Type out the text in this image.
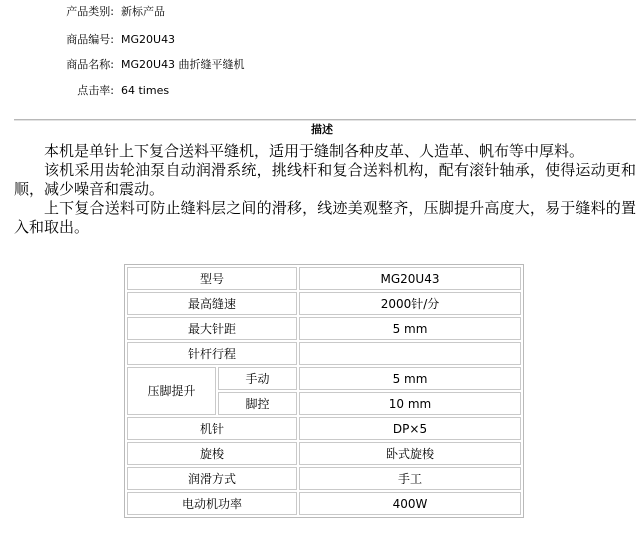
产品类别: 新标产品
商品编号: MG20U43
商品名称: MG20U43 曲折缝平缝机
点击率: 64 times
描述

本机是单针上下复合送料平缝机，适用于缝制各种皮革、人造革、帆布等中厚料。

该机采用齿轮油泵自动润滑系统，挑线杆和复合送料机构，配有滚针轴承，使得运动更和顺，减少噪音和震动。

上下复合送料可防止缝料层之间的滑移，线迹美观整齐，压脚提升高度大，易于缝料的置入和取出。

型号		MG20U43
最高缝速		2000针/分
最大针距		5 mm
针杆行程		
压脚提升	手动	5 mm
	脚控	10 mm
机针		DP×5
旋梭		卧式旋梭
润滑方式		手工
电动机功率		400W
